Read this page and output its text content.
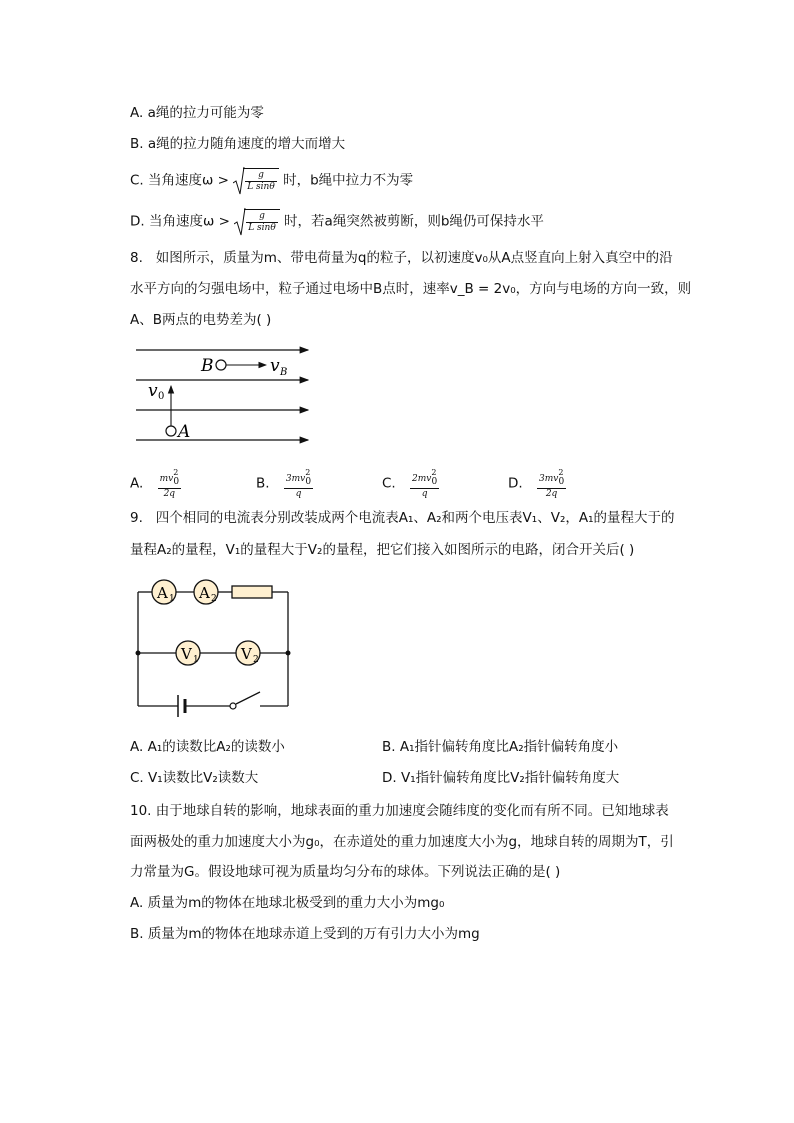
A. a绳的拉力可能为零
B. a绳的拉力随角速度的增大而增大
C. 当角速度$\omega > \frac{g}{\text{L sinθ}}$ 时，b绳中拉力不为零
D. 当角速度$\omega > \frac{g}{\text{L sinθ}}$ 时，若a绳突然被剪断，则b绳仍可保持水平
8. 如图所示，质量为m、带电荷量为q的粒子，以初速度v₀从A点竖直向上射入真空中的沿
水平方向的匀强电场中，粒子通过电场中B点时，速率v_B = 2v₀，方向与电场的方向一致，则
A、B两点的电势差为( )
B	v B
A
v 0
A. $\frac{mv20}{2q}$	B. $\frac{3mv20}{q}$	C. $\frac{2mv20}{q}$	D. $\frac{3mv20}{2q}$
9. 四个相同的电流表分别改装成两个电流表A₁、A₂和两个电压表V₁、V₂，A₁的量程大于的
量程A₂的量程，V₁的量程大于V₂的量程，把它们接入如图所示的电路，闭合开关后( )
A 1 A 2
V 1	V 2
A. A₁的读数比A₂的读数小	B. A₁指针偏转角度比A₂指针偏转角度小
C. V₁读数比V₂读数大	D. V₁指针偏转角度比V₂指针偏转角度大
10. 由于地球自转的影响，地球表面的重力加速度会随纬度的变化而有所不同。已知地球表
面两极处的重力加速度大小为g₀，在赤道处的重力加速度大小为g，地球自转的周期为T，引
力常量为G。假设地球可视为质量均匀分布的球体。下列说法正确的是( )
A. 质量为m的物体在地球北极受到的重力大小为mg₀
B. 质量为m的物体在地球赤道上受到的万有引力大小为mg
